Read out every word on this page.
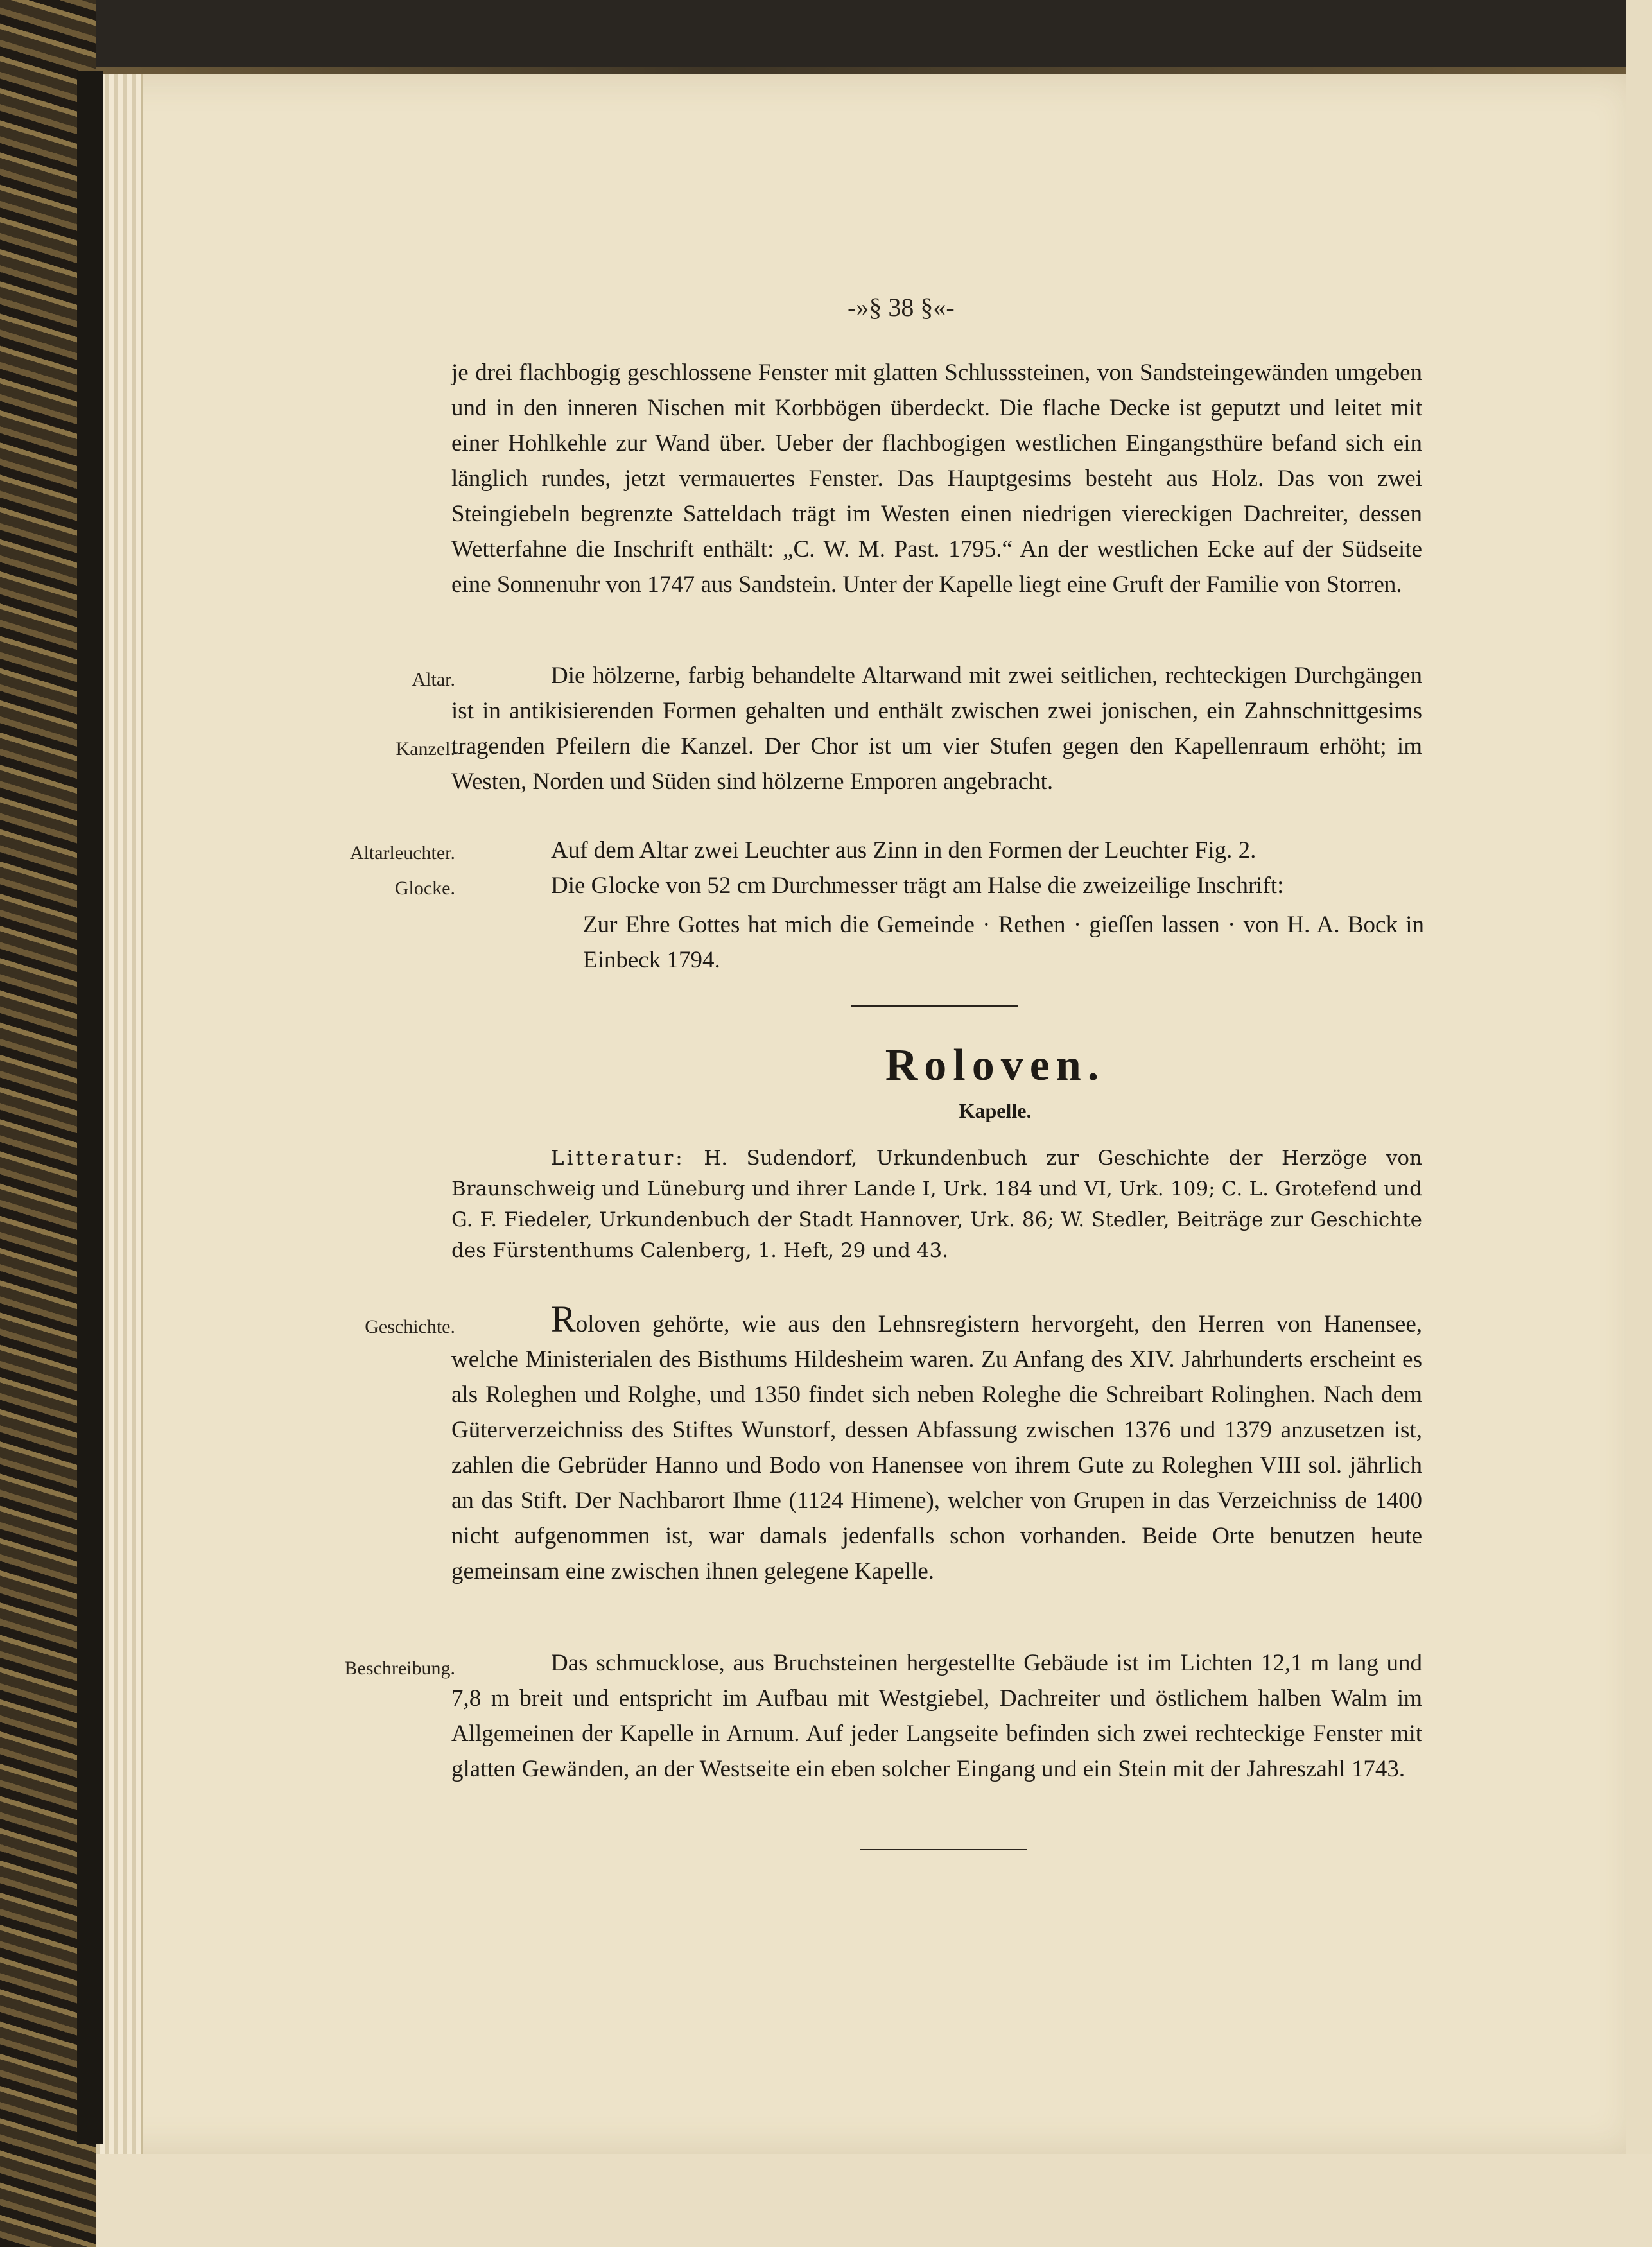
-»§ 38 §«-

je drei flachbogig geschlossene Fenster mit glatten Schlusssteinen, von Sandsteingewänden umgeben und in den inneren Nischen mit Korbbögen überdeckt. Die flache Decke ist geputzt und leitet mit einer Hohlkehle zur Wand über. Ueber der flachbogigen westlichen Eingangsthüre befand sich ein länglich rundes, jetzt vermauertes Fenster. Das Hauptgesims besteht aus Holz. Das von zwei Steingiebeln begrenzte Satteldach trägt im Westen einen niedrigen viereckigen Dachreiter, dessen Wetterfahne die Inschrift enthält: „C. W. M. Past. 1795.“ An der westlichen Ecke auf der Südseite eine Sonnenuhr von 1747 aus Sandstein. Unter der Kapelle liegt eine Gruft der Familie von Storren.

Die hölzerne, farbig behandelte Altarwand mit zwei seitlichen, rechteckigen Durchgängen ist in antikisierenden Formen gehalten und enthält zwischen zwei jonischen, ein Zahnschnittgesims tragenden Pfeilern die Kanzel. Der Chor ist um vier Stufen gegen den Kapellenraum erhöht; im Westen, Norden und Süden sind hölzerne Emporen angebracht.

Auf dem Altar zwei Leuchter aus Zinn in den Formen der Leuchter Fig. 2.

Die Glocke von 52 cm Durchmesser trägt am Halse die zweizeilige Inschrift:

Zur Ehre Gottes hat mich die Gemeinde · Rethen · gieſſen lassen · von H. A. Bock in Einbeck 1794.

Altar.
Kanzel.
Altarleuchter.
Glocke.
Geschichte.
Beschreibung.
Roloven.
Kapelle.

Litteratur: H. Sudendorf, Urkundenbuch zur Geschichte der Herzöge von Braunschweig und Lüneburg und ihrer Lande I, Urk. 184 und VI, Urk. 109; C. L. Grotefend und G. F. Fiedeler, Urkundenbuch der Stadt Hannover, Urk. 86; W. Stedler, Beiträge zur Geschichte des Fürstenthums Calenberg, 1. Heft, 29 und 43.

Roloven gehörte, wie aus den Lehnsregistern hervorgeht, den Herren von Hanensee, welche Ministerialen des Bisthums Hildesheim waren. Zu Anfang des XIV. Jahrhunderts erscheint es als Roleghen und Rolghe, und 1350 findet sich neben Roleghe die Schreibart Rolinghen. Nach dem Güterverzeichniss des Stiftes Wunstorf, dessen Abfassung zwischen 1376 und 1379 anzusetzen ist, zahlen die Gebrüder Hanno und Bodo von Hanensee von ihrem Gute zu Roleghen VIII sol. jährlich an das Stift. Der Nachbarort Ihme (1124 Himene), welcher von Grupen in das Verzeichniss de 1400 nicht aufgenommen ist, war damals jedenfalls schon vorhanden. Beide Orte benutzen heute gemeinsam eine zwischen ihnen gelegene Kapelle.

Das schmucklose, aus Bruchsteinen hergestellte Gebäude ist im Lichten 12,1 m lang und 7,8 m breit und entspricht im Aufbau mit Westgiebel, Dachreiter und östlichem halben Walm im Allgemeinen der Kapelle in Arnum. Auf jeder Langseite befinden sich zwei rechteckige Fenster mit glatten Gewänden, an der Westseite ein eben solcher Eingang und ein Stein mit der Jahreszahl 1743.
